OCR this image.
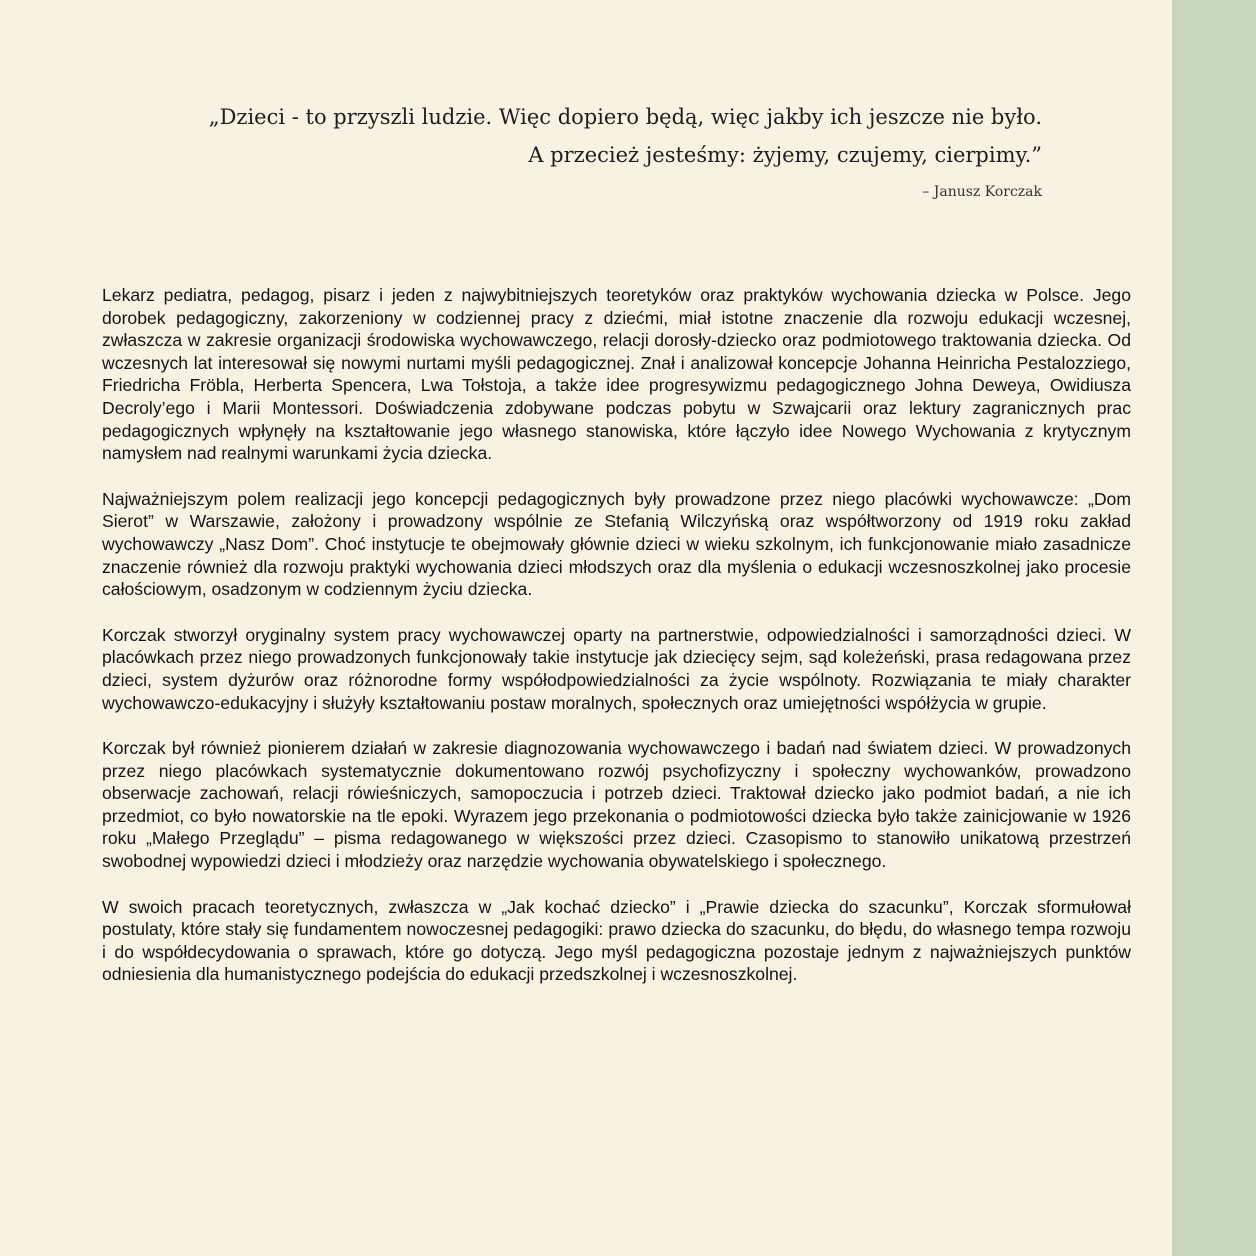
„Dzieci - to przyszli ludzie. Więc dopiero będą, więc jakby ich jeszcze nie było.
A przecież jesteśmy: żyjemy, czujemy, cierpimy.”
– Janusz Korczak

Lekarz pediatra, pedagog, pisarz i jeden z najwybitniejszych teoretyków oraz praktyków wychowania dziecka w Polsce. Jego dorobek pedagogiczny, zakorzeniony w codziennej pracy z dziećmi, miał istotne znaczenie dla rozwoju edukacji wczesnej, zwłaszcza w zakresie organizacji środowiska wychowawczego, relacji dorosły-dziecko oraz podmiotowego traktowania dziecka. Od wczesnych lat interesował się nowymi nurtami myśli pedagogicznej. Znał i analizował koncepcje Johanna Heinricha Pestalozziego, Friedricha Fröbla, Herberta Spencera, Lwa Tołstoja, a także idee progresywizmu pedagogicznego Johna Deweya, Owidiusza Decroly’ego i Marii Montessori. Doświadczenia zdobywane podczas pobytu w Szwajcarii oraz lektury zagranicznych prac pedagogicznych wpłynęły na kształtowanie jego własnego stanowiska, które łączyło idee Nowego Wychowania z krytycznym namysłem nad realnymi warunkami życia dziecka.

Najważniejszym polem realizacji jego koncepcji pedagogicznych były prowadzone przez niego placówki wychowawcze: „Dom Sierot” w Warszawie, założony i prowadzony wspólnie ze Stefanią Wilczyńską oraz współtworzony od 1919 roku zakład wychowawczy „Nasz Dom”. Choć instytucje te obejmowały głównie dzieci w wieku szkolnym, ich funkcjonowanie miało zasadnicze znaczenie również dla rozwoju praktyki wychowania dzieci młodszych oraz dla myślenia o edukacji wczesnoszkolnej jako procesie całościowym, osadzonym w codziennym życiu dziecka.

Korczak stworzył oryginalny system pracy wychowawczej oparty na partnerstwie, odpowiedzialności i samorządności dzieci. W placówkach przez niego prowadzonych funkcjonowały takie instytucje jak dziecięcy sejm, sąd koleżeński, prasa redagowana przez dzieci, system dyżurów oraz różnorodne formy współodpowiedzialności za życie wspólnoty. Rozwiązania te miały charakter wychowawczo-edukacyjny i służyły kształtowaniu postaw moralnych, społecznych oraz umiejętności współżycia w grupie.

Korczak był również pionierem działań w zakresie diagnozowania wychowawczego i badań nad światem dzieci. W prowadzonych przez niego placówkach systematycznie dokumentowano rozwój psychofizyczny i społeczny wychowanków, prowadzono obserwacje zachowań, relacji rówieśniczych, samopoczucia i potrzeb dzieci. Traktował dziecko jako podmiot badań, a nie ich przedmiot, co było nowatorskie na tle epoki. Wyrazem jego przekonania o podmiotowości dziecka było także zainicjowanie w 1926 roku „Małego Przeglądu” – pisma redagowanego w większości przez dzieci. Czasopismo to stanowiło unikatową przestrzeń swobodnej wypowiedzi dzieci i młodzieży oraz narzędzie wychowania obywatelskiego i społecznego.

W swoich pracach teoretycznych, zwłaszcza w „Jak kochać dziecko” i „Prawie dziecka do szacunku”, Korczak sformułował postulaty, które stały się fundamentem nowoczesnej pedagogiki: prawo dziecka do szacunku, do błędu, do własnego tempa rozwoju i do współdecydowania o sprawach, które go dotyczą. Jego myśl pedagogiczna pozostaje jednym z najważniejszych punktów odniesienia dla humanistycznego podejścia do edukacji przedszkolnej i wczesnoszkolnej.
